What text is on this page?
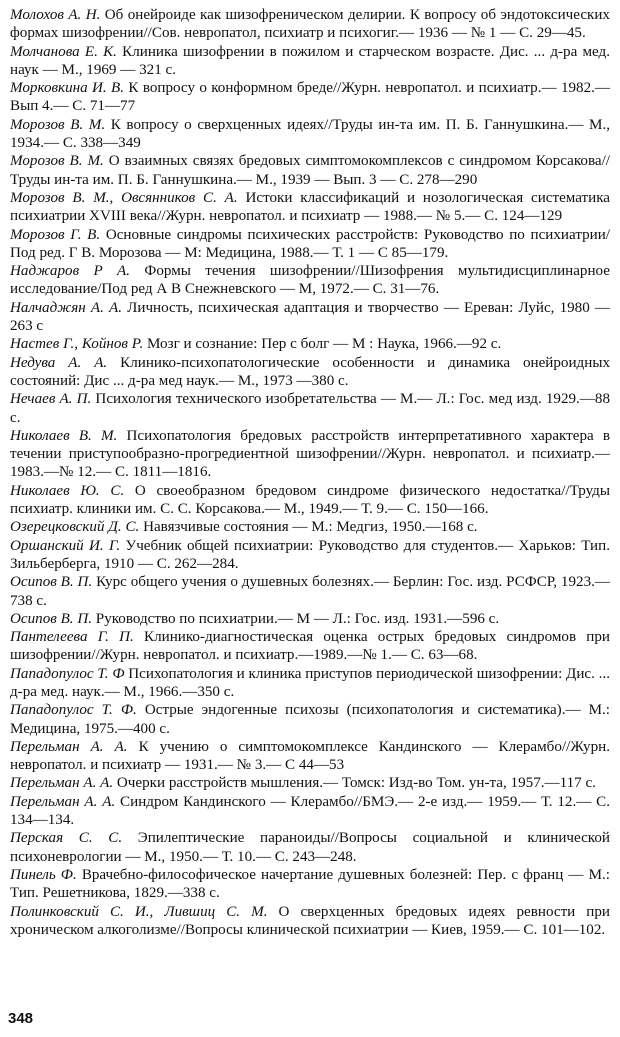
Молохов А. Н. Об онейроиде как шизофреническом делирии. К вопросу об эндотоксических формах шизофрении//Сов. невропатол, психиатр и психогиг.— 1936 — № 1 — С. 29—45.

Молчанова Е. К. Клиника шизофрении в пожилом и старческом возрасте. Дис. ... д-ра мед. наук — М., 1969 — 321 с.

Морковкина И. В. К вопросу о конформном бреде//Журн. невропатол. и психиатр.— 1982.— Вып 4.— С. 71—77

Морозов В. М. К вопросу о сверхценных идеях//Труды ин-та им. П. Б. Ганнушкина.— М., 1934.— С. 338—349

Морозов В. М. О взаимных связях бредовых симптомокомплексов с синдромом Корсакова//Труды ин-та им. П. Б. Ганнушкина.— М., 1939 — Вып. 3 — С. 278—290

Морозов В. М., Овсянников С. А. Истоки классификаций и нозологическая систематика психиатрии XVIII века//Журн. невропатол. и психиатр — 1988.— № 5.— С. 124—129

Морозов Г. В. Основные синдромы психических расстройств: Руководство по психиатрии/Под ред. Г В. Морозова — М: Медицина, 1988.— Т. 1 — С 85—179.

Наджаров Р А. Формы течения шизофрении//Шизофрения мультидисциплинарное исследование/Под ред А В Снежневского — М, 1972.— С. 31—76.

Налчаджян А. А. Личность, психическая адаптация и творчество — Ереван: Луйс, 1980 — 263 с

Настев Г., Койнов Р. Мозг и сознание: Пер с болг — М : Наука, 1966.—92 с.

Недува А. А. Клинико-психопатологические особенности и динамика онейроидных состояний: Дис ... д-ра мед наук.— М., 1973 —380 с.

Нечаев А. П. Психология технического изобретательства — М.— Л.: Гос. мед изд. 1929.—88 с.

Николаев В. М. Психопатология бредовых расстройств интерпретативного характера в течении приступообразно-прогредиентной шизофрении//Журн. невропатол. и психиатр.—1983.—№ 12.— С. 1811—1816.

Николаев Ю. С. О своеобразном бредовом синдроме физического недостатка//Труды психиатр. клиники им. С. С. Корсакова.— М., 1949.— Т. 9.— С. 150—166.

Озерецковский Д. С. Навязчивые состояния — М.: Медгиз, 1950.—168 с.

Оршанский И. Г. Учебник общей психиатрии: Руководство для студентов.— Харьков: Тип. Зильберберга, 1910 — С. 262—284.

Осипов В. П. Курс общего учения о душевных болезнях.— Берлин: Гос. изд. РСФСР, 1923.—738 с.

Осипов В. П. Руководство по психиатрии.— М — Л.: Гос. изд. 1931.—596 с.

Пантелеева Г. П. Клинико-диагностическая оценка острых бредовых синдромов при шизофрении//Журн. невропатол. и психиатр.—1989.—№ 1.— С. 63—68.

Пападопулос Т. Ф Психопатология и клиника приступов периодической шизофрении: Дис. ... д-ра мед. наук.— М., 1966.—350 с.

Пападопулос Т. Ф. Острые эндогенные психозы (психопатология и систематика).— М.: Медицина, 1975.—400 с.

Перельман А. А. К учению о симптомокомплексе Кандинского — Клерамбо//Журн. невропатол. и психиатр — 1931.— № 3.— С 44—53

Перельман А. А. Очерки расстройств мышления.— Томск: Изд-во Том. ун-та, 1957.—117 с.

Перельман А. А. Синдром Кандинского — Клерамбо//БМЭ.— 2-е изд.— 1959.— Т. 12.— С. 134—134.

Перская С. С. Эпилептические параноиды//Вопросы социальной и клинической психоневрологии — М., 1950.— Т. 10.— С. 243—248.

Пинель Ф. Врачебно-философическое начертание душевных болезней: Пер. с франц — М.: Тип. Решетникова, 1829.—338 с.

Полинковский С. И., Лившиц С. М. О сверхценных бредовых идеях ревности при хроническом алкоголизме//Вопросы клинической психиатрии — Киев, 1959.— С. 101—102.

348
